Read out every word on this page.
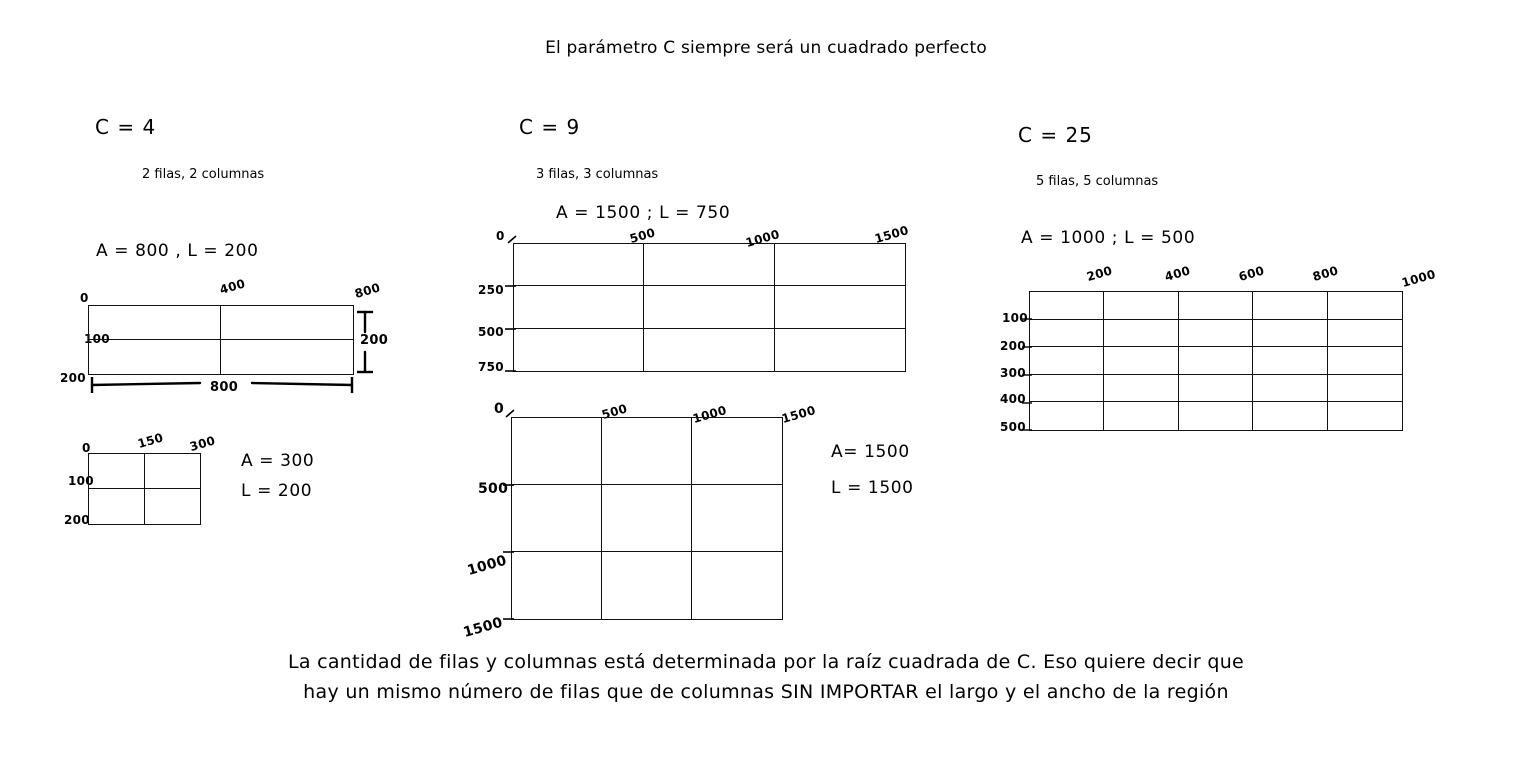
El parámetro C siempre será un cuadrado perfecto
C = 4
2 filas, 2 columnas
A = 800 , L = 200
0
400	800
100
200
800
200
0	150 300
100
200
A = 300
L = 200
C = 9
3 filas, 3 columnas
A = 1500 ; L = 750
0	500	1000	1500
250
500
750
0	500	1000	1500
500
1000
1500
A= 1500
L = 1500
C = 25
5 filas, 5 columnas
A = 1000 ; L = 500
200	400	600	800	1000
100
200
300
400
500
La cantidad de filas y columnas está determinada por la raíz cuadrada de C. Eso quiere decir que
hay un mismo número de filas que de columnas SIN IMPORTAR el largo y el ancho de la región
